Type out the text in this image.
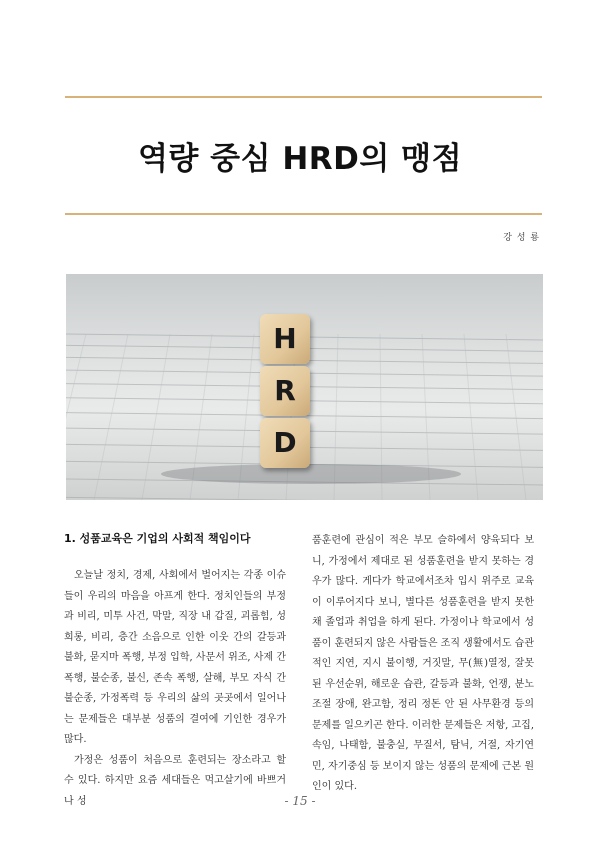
역량 중심 HRD의 맹점
강 성 룡
H
R
D
1. 성품교육은 기업의 사회적 책임이다

오늘날 정치, 경제, 사회에서 벌어지는 각종 이슈들이 우리의 마음을 아프게 한다. 정치인들의 부정과 비리, 미투 사건, 막말, 직장 내 갑질, 괴롭힘, 성희롱, 비리, 층간 소음으로 인한 이웃 간의 갈등과 불화, 묻지마 폭행, 부정 입학, 사문서 위조, 사제 간 폭행, 불순종, 불신, 존속 폭행, 살해, 부모 자식 간 불순종, 가정폭력 등 우리의 삶의 곳곳에서 일어나는 문제들은 대부분 성품의 결여에 기인한 경우가 많다.

가정은 성품이 처음으로 훈련되는 장소라고 할 수 있다. 하지만 요즘 세대들은 먹고살기에 바쁘거나 성

품훈련에 관심이 적은 부모 슬하에서 양육되다 보니, 가정에서 제대로 된 성품훈련을 받지 못하는 경우가 많다. 게다가 학교에서조차 입시 위주로 교육이 이루어지다 보니, 별다른 성품훈련을 받지 못한 채 졸업과 취업을 하게 된다. 가정이나 학교에서 성품이 훈련되지 않은 사람들은 조직 생활에서도 습관적인 지연, 지시 불이행, 거짓말, 무(無)열정, 잘못된 우선순위, 해로운 습관, 갈등과 불화, 언쟁, 분노조절 장애, 완고함, 정리 정돈 안 된 사무환경 등의 문제를 일으키곤 한다. 이러한 문제들은 저항, 고집, 속임, 나태함, 불충실, 무질서, 탐닉, 거절, 자기연민, 자기중심 등 보이지 않는 성품의 문제에 근본 원인이 있다.

- 15 -
